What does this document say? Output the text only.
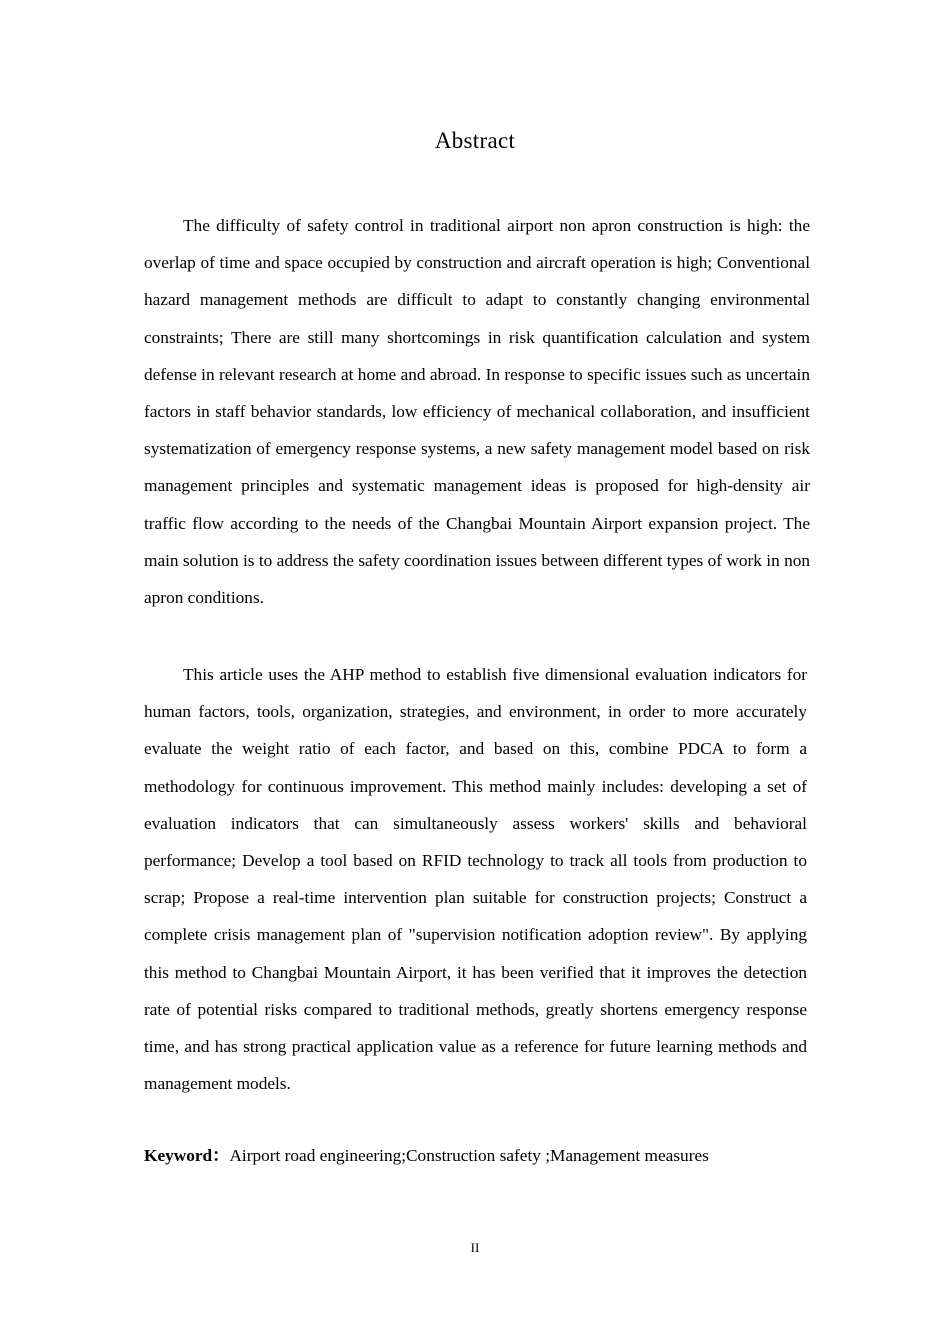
Abstract

The difficulty of safety control in traditional airport non apron construction is high: the overlap of time and space occupied by construction and aircraft operation is high; Conventional hazard management methods are difficult to adapt to constantly changing environmental constraints; There are still many shortcomings in risk quantification calculation and system defense in relevant research at home and abroad. In response to specific issues such as uncertain factors in staff behavior standards, low efficiency of mechanical collaboration, and insufficient systematization of emergency response systems, a new safety management model based on risk management principles and systematic management ideas is proposed for high-density air traffic flow according to the needs of the Changbai Mountain Airport expansion project. The main solution is to address the safety coordination issues between different types of work in non apron conditions.

This article uses the AHP method to establish five dimensional evaluation indicators for human factors, tools, organization, strategies, and environment, in order to more accurately evaluate the weight ratio of each factor, and based on this, combine PDCA to form a methodology for continuous improvement. This method mainly includes: developing a set of evaluation indicators that can simultaneously assess workers' skills and behavioral performance; Develop a tool based on RFID technology to track all tools from production to scrap; Propose a real-time intervention plan suitable for construction projects; Construct a complete crisis management plan of "supervision notification adoption review". By applying this method to Changbai Mountain Airport, it has been verified that it improves the detection rate of potential risks compared to traditional methods, greatly shortens emergency response time, and has strong practical application value as a reference for future learning methods and management models.

Keyword：Airport road engineering;Construction safety ;Management measures
II
